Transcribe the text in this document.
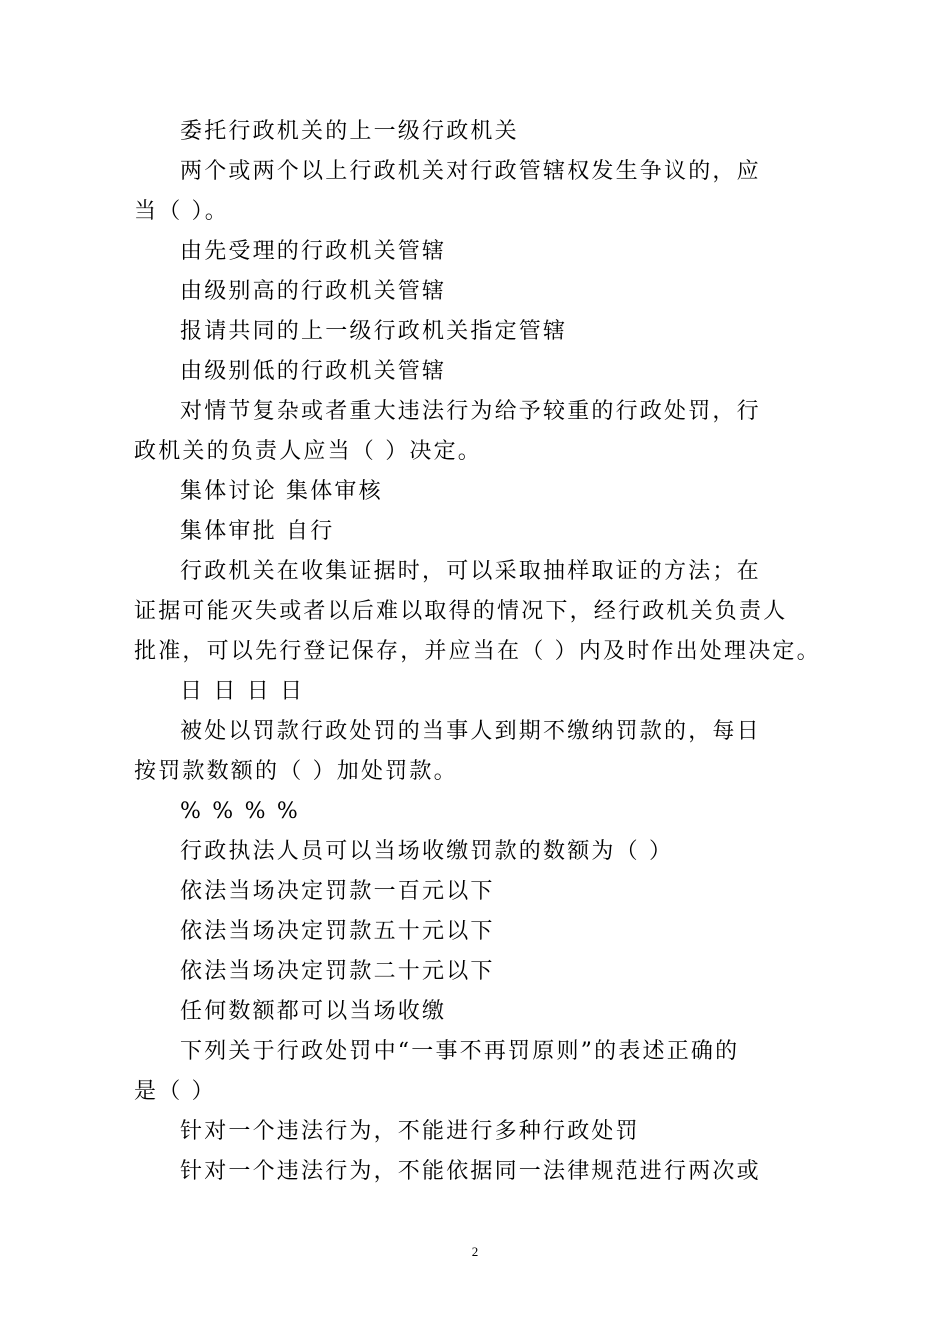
委托行政机关的上一级行政机关
两个或两个以上行政机关对行政管辖权发生争议的，应
当（ ）。
由先受理的行政机关管辖
由级别高的行政机关管辖
报请共同的上一级行政机关指定管辖
由级别低的行政机关管辖
对情节复杂或者重大违法行为给予较重的行政处罚，行
政机关的负责人应当（ ）决定。
集体讨论 集体审核
集体审批 自行
行政机关在收集证据时，可以采取抽样取证的方法；在
证据可能灭失或者以后难以取得的情况下，经行政机关负责人
批准，可以先行登记保存，并应当在（ ）内及时作出处理决定。
日 日 日 日
被处以罚款行政处罚的当事人到期不缴纳罚款的，每日
按罚款数额的（ ）加处罚款。
% % % %
行政执法人员可以当场收缴罚款的数额为（ ）
依法当场决定罚款一百元以下
依法当场决定罚款五十元以下
依法当场决定罚款二十元以下
任何数额都可以当场收缴
下列关于行政处罚中“一事不再罚原则”的表述正确的
是（ ）
针对一个违法行为，不能进行多种行政处罚
针对一个违法行为，不能依据同一法律规范进行两次或
2
